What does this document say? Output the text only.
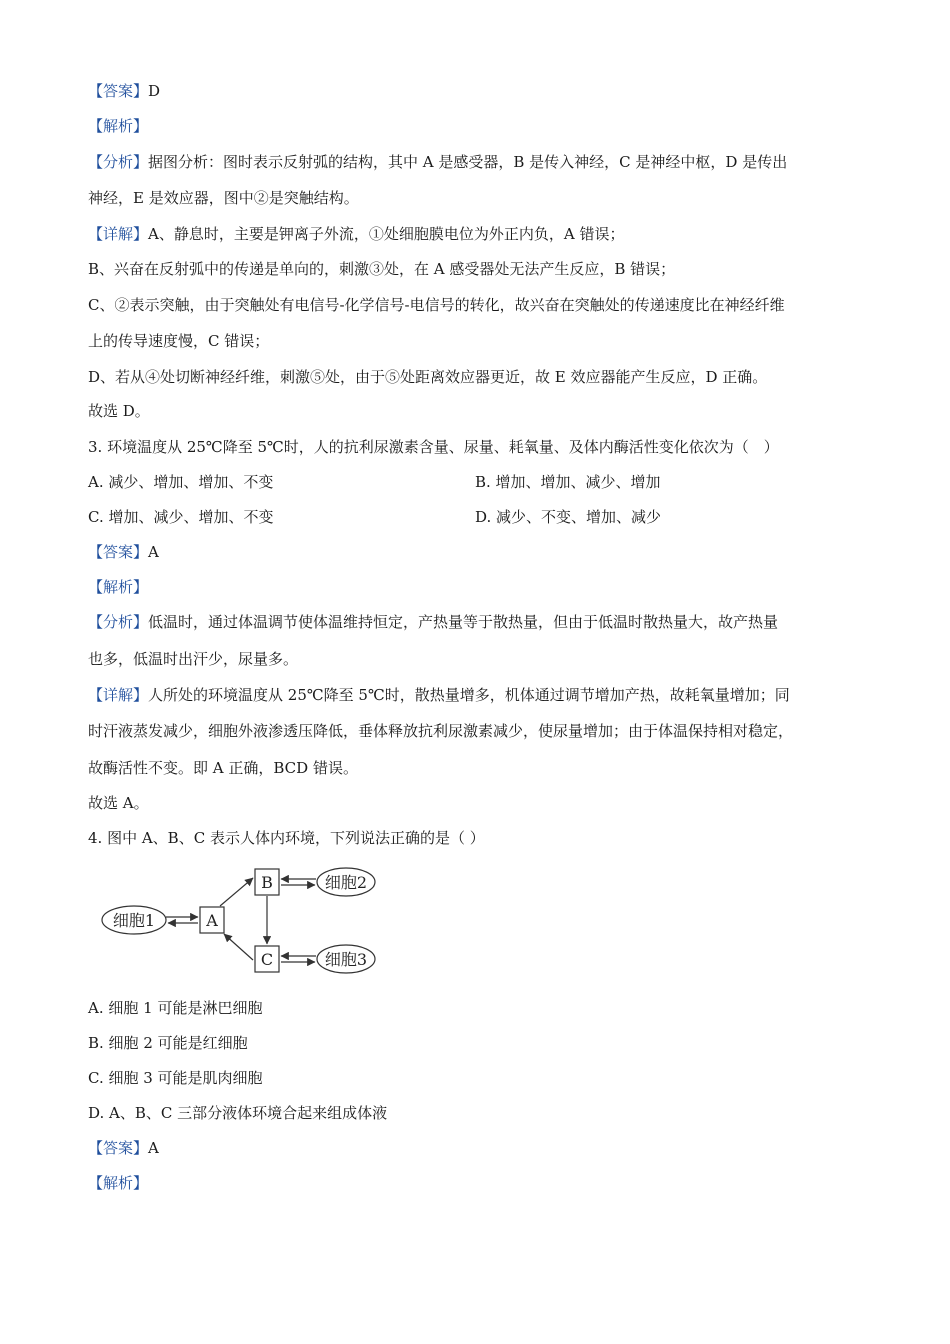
【答案】D
【解析】
【分析】据图分析：图时表示反射弧的结构，其中 A 是感受器，B 是传入神经，C 是神经中枢，D 是传出
神经，E 是效应器，图中②是突触结构。
【详解】A、静息时，主要是钾离子外流，①处细胞膜电位为外正内负，A 错误；
B、兴奋在反射弧中的传递是单向的，刺激③处，在 A 感受器处无法产生反应，B 错误；
C、②表示突触，由于突触处有电信号-化学信号-电信号的转化，故兴奋在突触处的传递速度比在神经纤维
上的传导速度慢，C 错误；
D、若从④处切断神经纤维，刺激⑤处，由于⑤处距离效应器更近，故 E 效应器能产生反应，D 正确。
故选 D。
3. 环境温度从 25℃降至 5℃时，人的抗利尿激素含量、尿量、耗氧量、及体内酶活性变化依次为（　）
A. 减少、增加、增加、不变	B. 增加、增加、减少、增加
C. 增加、减少、增加、不变	D. 减少、不变、增加、减少
【答案】A
【解析】
【分析】低温时，通过体温调节使体温维持恒定，产热量等于散热量，但由于低温时散热量大，故产热量
也多，低温时出汗少，尿量多。
【详解】人所处的环境温度从 25℃降至 5℃时，散热量增多，机体通过调节增加产热，故耗氧量增加；同
时汗液蒸发减少，细胞外液渗透压降低，垂体释放抗利尿激素减少，使尿量增加；由于体温保持相对稳定，
故酶活性不变。即 A 正确，BCD 错误。
故选 A。
4. 图中 A、B、C 表示人体内环境，下列说法正确的是（ ）
细胞1
细胞2
细胞3
A
B
C
A. 细胞 1 可能是淋巴细胞
B. 细胞 2 可能是红细胞
C. 细胞 3 可能是肌肉细胞
D. A、B、C 三部分液体环境合起来组成体液
【答案】A
【解析】
